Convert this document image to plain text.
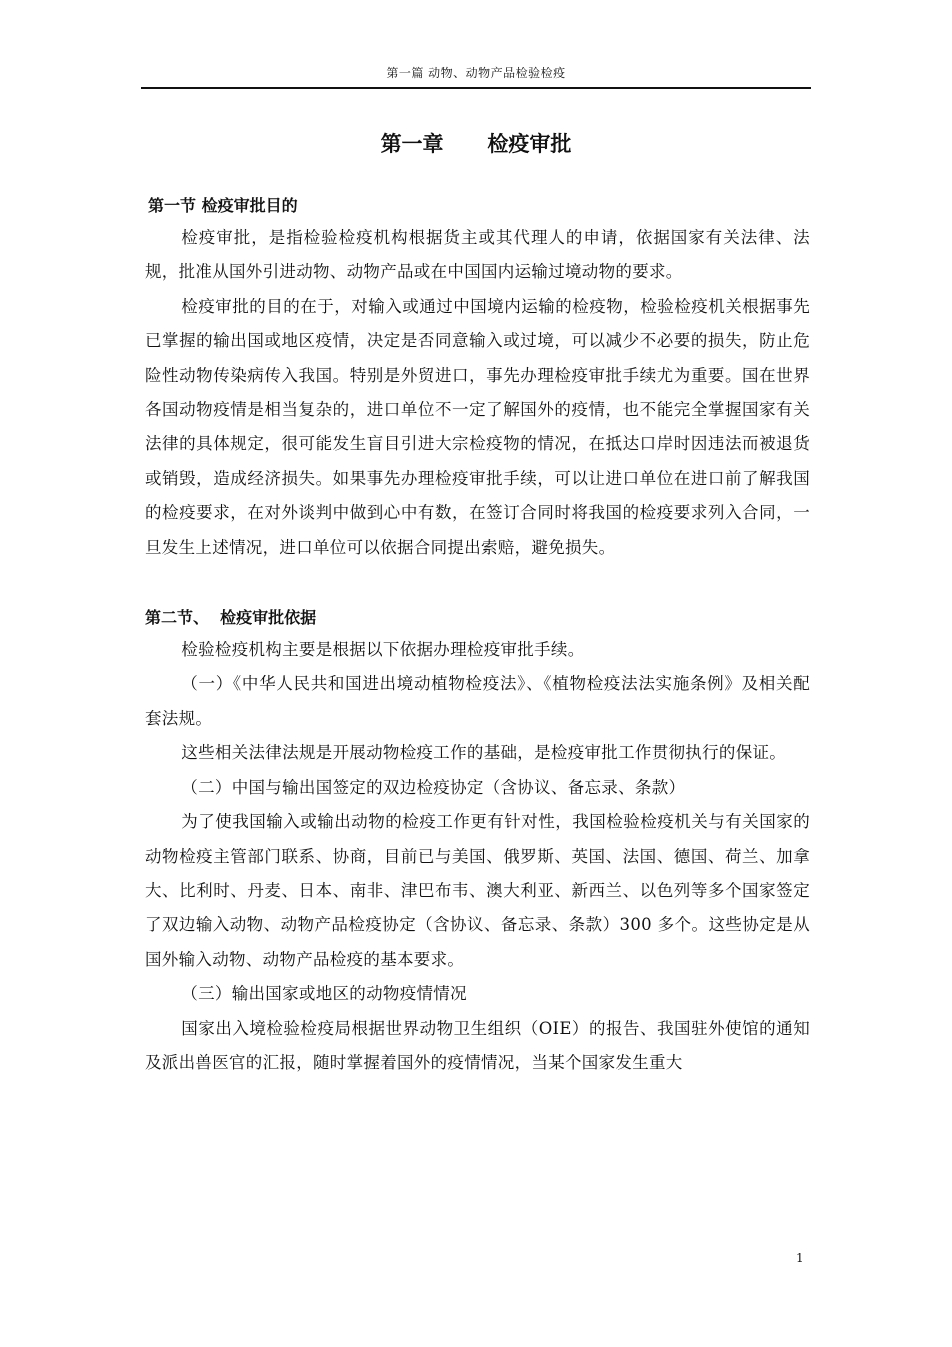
第一篇 动物、动物产品检验检疫
第一章      检疫审批
第一节 检疫审批目的

检疫审批，是指检验检疫机构根据货主或其代理人的申请，依据国家有关法律、法规，批准从国外引进动物、动物产品或在中国国内运输过境动物的要求。

检疫审批的目的在于，对输入或通过中国境内运输的检疫物，检验检疫机关根据事先已掌握的输出国或地区疫情，决定是否同意输入或过境，可以减少不必要的损失，防止危险性动物传染病传入我国。特别是外贸进口，事先办理检疫审批手续尤为重要。国在世界各国动物疫情是相当复杂的，进口单位不一定了解国外的疫情，也不能完全掌握国家有关法律的具体规定，很可能发生盲目引进大宗检疫物的情况，在抵达口岸时因违法而被退货或销毁，造成经济损失。如果事先办理检疫审批手续，可以让进口单位在进口前了解我国的检疫要求，在对外谈判中做到心中有数，在签订合同时将我国的检疫要求列入合同，一旦发生上述情况，进口单位可以依据合同提出索赔，避免损失。

第二节、  检疫审批依据

检验检疫机构主要是根据以下依据办理检疫审批手续。

（一）《中华人民共和国进出境动植物检疫法》、《植物检疫法法实施条例》及相关配套法规。

这些相关法律法规是开展动物检疫工作的基础，是检疫审批工作贯彻执行的保证。

（二）中国与输出国签定的双边检疫协定（含协议、备忘录、条款）

为了使我国输入或输出动物的检疫工作更有针对性，我国检验检疫机关与有关国家的动物检疫主管部门联系、协商，目前已与美国、俄罗斯、英国、法国、德国、荷兰、加拿大、比利时、丹麦、日本、南非、津巴布韦、澳大利亚、新西兰、以色列等多个国家签定了双边输入动物、动物产品检疫协定（含协议、备忘录、条款）300 多个。这些协定是从国外输入动物、动物产品检疫的基本要求。

（三）输出国家或地区的动物疫情情况

国家出入境检验检疫局根据世界动物卫生组织（OIE）的报告、我国驻外使馆的通知及派出兽医官的汇报，随时掌握着国外的疫情情况，当某个国家发生重大

1
